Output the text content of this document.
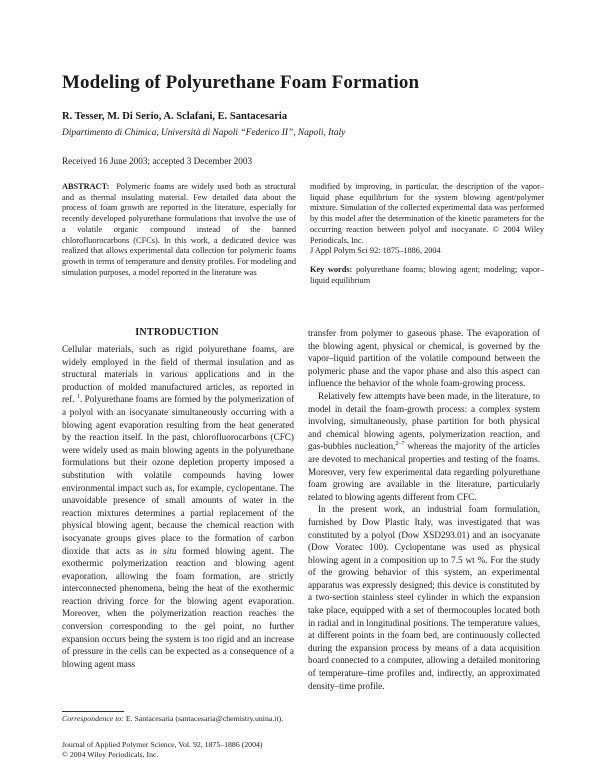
Modeling of Polyurethane Foam Formation
R. Tesser, M. Di Serio, A. Sclafani, E. Santacesaria
Dipartimento di Chimica, Università di Napoli “Federico II”, Napoli, Italy
Received 16 June 2003; accepted 3 December 2003
ABSTRACT: Polymeric foams are widely used both as structural and as thermal insulating material. Few detailed data about the process of foam growth are reported in the literature, especially for recently developed polyurethane formulations that involve the use of a volatile organic compound instead of the banned chlorofluorocarbons (CFCs). In this work, a dedicated device was realized that allows experimental data collection for polymeric foams growth in terms of temperature and density profiles. For modeling and simulation purposes, a model reported in the literature was
modified by improving, in particular, the description of the vapor–liquid phase equilibrium for the system blowing agent/polymer mixture. Simulation of the collected experimental data was performed by this model after the determination of the kinetic parameters for the occurring reaction between polyol and isocyanate. © 2004 Wiley Periodicals, Inc.
J Appl Polym Sci 92: 1875–1886, 2004
Key words: polyurethane foams; blowing agent; modeling; vapor–liquid equilibrium
INTRODUCTION

Cellular materials, such as rigid polyurethane foams, are widely employed in the field of thermal insulation and as structural materials in various applications and in the production of molded manufactured articles, as reported in ref. $^1$. Polyurethane foams are formed by the polymerization of a polyol with an isocyanate simultaneously occurring with a blowing agent evaporation resulting from the heat generated by the reaction itself. In the past, chlorofluorocarbons (CFC) were widely used as main blowing agents in the polyurethane formulations but their ozone depletion property imposed a substitution with volatile compounds having lower environmental impact such as, for example, cyclopentane. The unavoidable presence of small amounts of water in the reaction mixtures determines a partial replacement of the physical blowing agent, because the chemical reaction with isocyanate groups gives place to the formation of carbon dioxide that acts as in situ formed blowing agent. The exothermic polymerization reaction and blowing agent evaporation, allowing the foam formation, are strictly interconnected phenomena, being the heat of the exothermic reaction driving force for the blowing agent evaporation. Moreover, when the polymerization reaction reaches the conversion corresponding to the gel point, no further expansion occurs being the system is too rigid and an increase of pressure in the cells can be expected as a consequence of a blowing agent mass

transfer from polymer to gaseous phase. The evaporation of the blowing agent, physical or chemical, is governed by the vapor–liquid partition of the volatile compound between the polymeric phase and the vapor phase and also this aspect can influence the behavior of the whole foam-growing process.

Relatively few attempts have been made, in the literature, to model in detail the foam-growth process: a complex system involving, simultaneously, phase partition for both physical and chemical blowing agents, polymerization reaction, and gas-bubbles nucleation,$^{2-7}$ whereas the majority of the articles are devoted to mechanical properties and testing of the foams. Moreover, very few experimental data regarding polyurethane foam growing are available in the literature, particularly related to blowing agents different from CFC.

In the present work, an industrial foam formulation, furnished by Dow Plastic Italy, was investigated that was constituted by a polyol (Dow XSD293.01) and an isocyanate (Dow Voratec 100). Cyclopentane was used as physical blowing agent in a composition up to 7.5 wt %. For the study of the growing behavior of this system, an experimental apparatus was expressly designed; this device is constituted by a two-section stainless steel cylinder in which the expansion take place, equipped with a set of thermocouples located both in radial and in longitudinal positions. The temperature values, at different points in the foam bed, are continuously collected during the expansion process by means of a data acquisition board connected to a computer, allowing a detailed monitoring of temperature–time profiles and, indirectly, an approximated density–time profile.

Correspondence to: E. Santacesaria (santacesaria@chemistry.unina.it).
Journal of Applied Polymer Science, Vol. 92, 1875–1886 (2004)
© 2004 Wiley Periodicals, Inc.
